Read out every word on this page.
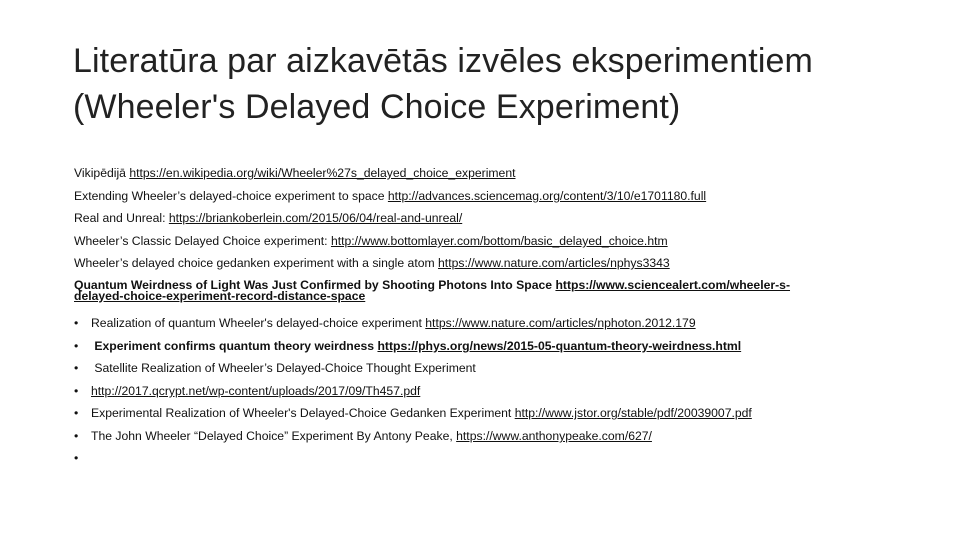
Literatūra par aizkavētās izvēles eksperimentiem
(Wheeler's Delayed Choice Experiment)
Vikipēdijā https://en.wikipedia.org/wiki/Wheeler%27s_delayed_choice_experiment
Extending Wheeler’s delayed-choice experiment to space http://advances.sciencemag.org/content/3/10/e1701180.full
Real and Unreal: https://briankoberlein.com/2015/06/04/real-and-unreal/
Wheeler’s Classic Delayed Choice experiment: http://www.bottomlayer.com/bottom/basic_delayed_choice.htm
Wheeler’s delayed choice gedanken experiment with a single atom https://www.nature.com/articles/nphys3343
Quantum Weirdness of Light Was Just Confirmed by Shooting Photons Into Space https://www.sciencealert.com/wheeler-s-
delayed-choice-experiment-record-distance-space
• Realization of quantum Wheeler's delayed-choice experiment https://www.nature.com/articles/nphoton.2012.179
• Experiment confirms quantum theory weirdness https://phys.org/news/2015-05-quantum-theory-weirdness.html
• Satellite Realization of Wheeler’s Delayed-Choice Thought Experiment
• http://2017.qcrypt.net/wp-content/uploads/2017/09/Th457.pdf
• Experimental Realization of Wheeler's Delayed-Choice Gedanken Experiment http://www.jstor.org/stable/pdf/20039007.pdf
• The John Wheeler “Delayed Choice” Experiment By Antony Peake, https://www.anthonypeake.com/627/
•
